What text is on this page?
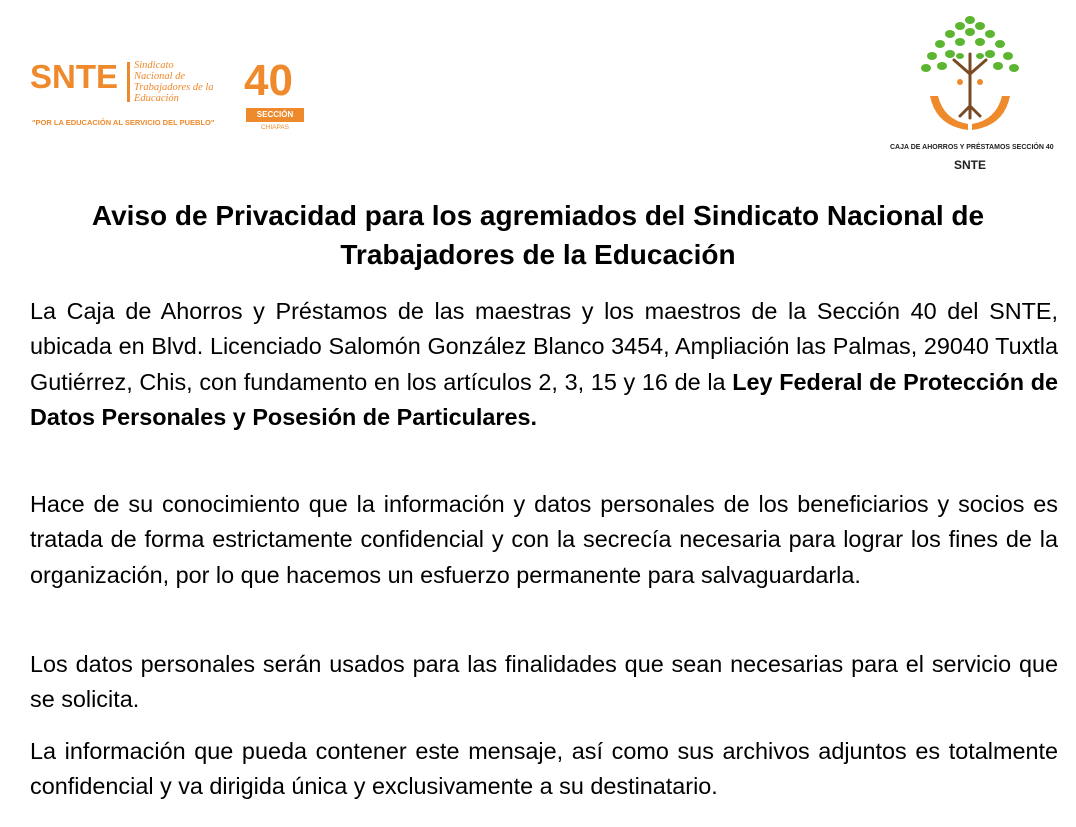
SNTE Sindicato
Nacional de
Trabajadores de la
Educación
"POR LA EDUCACIÓN AL SERVICIO DEL PUEBLO"
40
SECCIÓN
CHIAPAS
CAJA DE AHORROS Y PRÉSTAMOS SECCIÓN 40
SNTE
Aviso de Privacidad para los agremiados del Sindicato Nacional de Trabajadores de la Educación

La Caja de Ahorros y Préstamos de las maestras y los maestros de la Sección 40 del SNTE, ubicada en Blvd. Licenciado Salomón González Blanco 3454, Ampliación las Palmas, 29040 Tuxtla Gutiérrez, Chis, con fundamento en los artículos 2, 3, 15 y 16 de la Ley Federal de Protección de Datos Personales y Posesión de Particulares.

Hace de su conocimiento que la información y datos personales de los beneficiarios y socios es tratada de forma estrictamente confidencial y con la secrecía necesaria para lograr los fines de la organización, por lo que hacemos un esfuerzo permanente para salvaguardarla.

Los datos personales serán usados para las finalidades que sean necesarias para el servicio que se solicita.

La información que pueda contener este mensaje, así como sus archivos adjuntos es totalmente confidencial y va dirigida única y exclusivamente a su destinatario.
